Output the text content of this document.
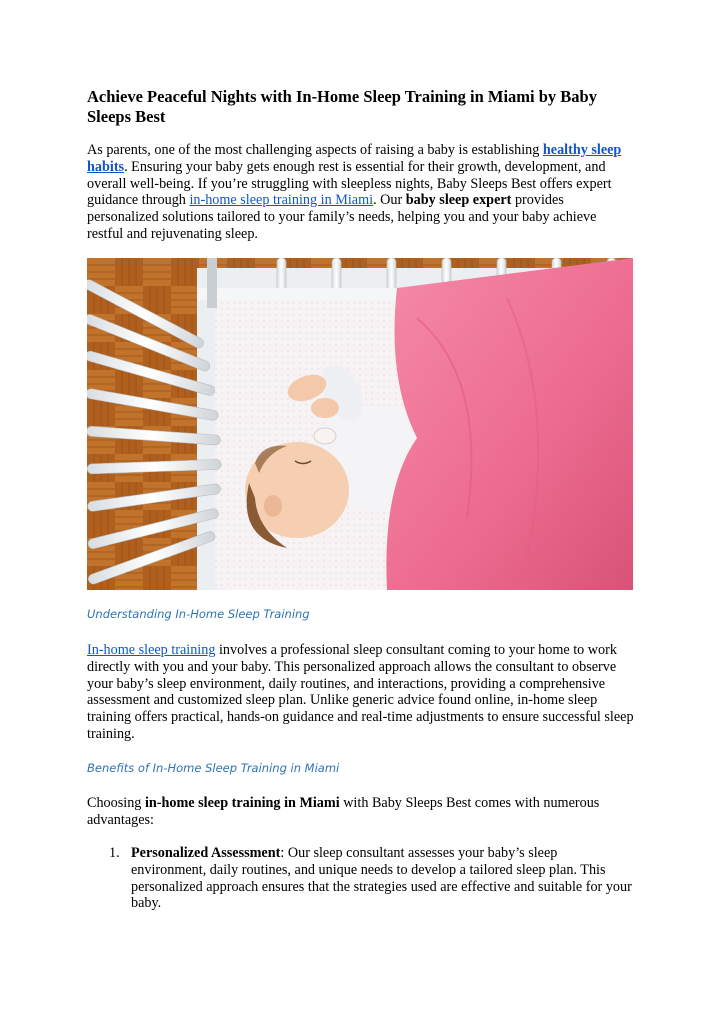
Achieve Peaceful Nights with In-Home Sleep Training in Miami by Baby Sleeps Best

As parents, one of the most challenging aspects of raising a baby is establishing healthy sleep habits. Ensuring your baby gets enough rest is essential for their growth, development, and overall well-being. If you’re struggling with sleepless nights, Baby Sleeps Best offers expert guidance through in-home sleep training in Miami. Our baby sleep expert provides personalized solutions tailored to your family’s needs, helping you and your baby achieve restful and rejuvenating sleep.

Understanding In-Home Sleep Training

In-home sleep training involves a professional sleep consultant coming to your home to work directly with you and your baby. This personalized approach allows the consultant to observe your baby’s sleep environment, daily routines, and interactions, providing a comprehensive assessment and customized sleep plan. Unlike generic advice found online, in-home sleep training offers practical, hands-on guidance and real-time adjustments to ensure successful sleep training.

Benefits of In-Home Sleep Training in Miami

Choosing in-home sleep training in Miami with Baby Sleeps Best comes with numerous advantages:

1. Personalized Assessment: Our sleep consultant assesses your baby’s sleep environment, daily routines, and unique needs to develop a tailored sleep plan. This personalized approach ensures that the strategies used are effective and suitable for your baby.
